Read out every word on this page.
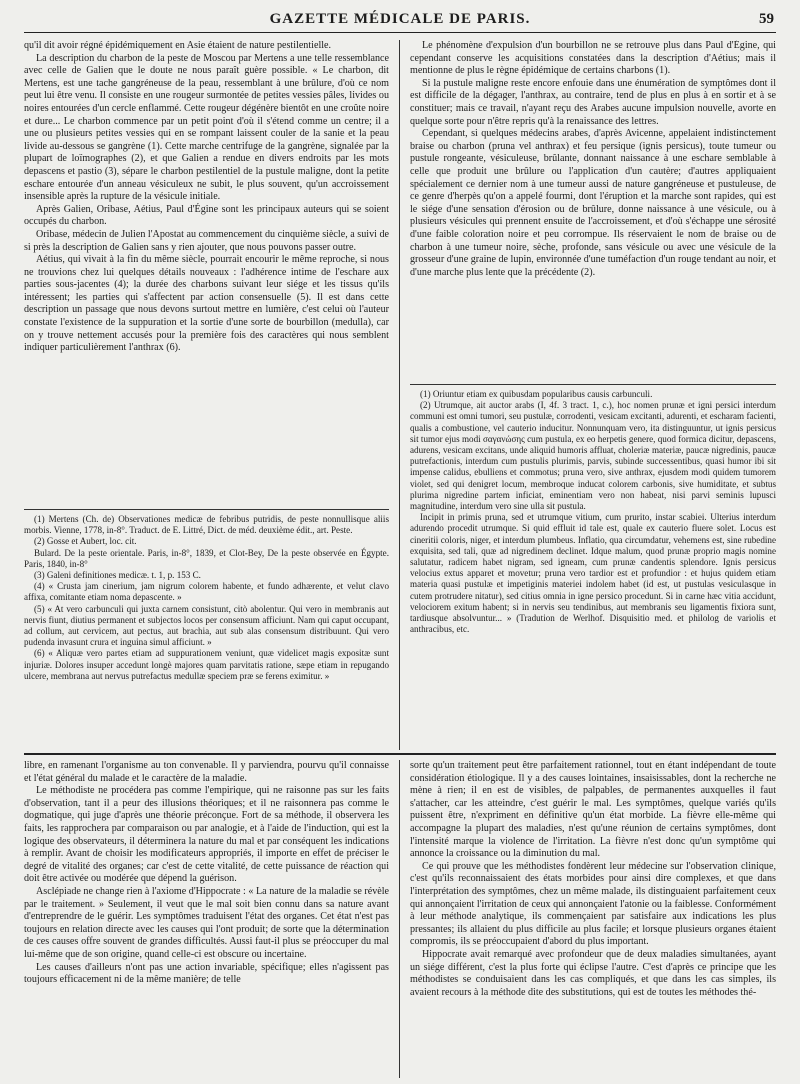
GAZETTE MÉDICALE DE PARIS.	59

qu'il dit avoir régné épidémiquement en Asie étaient de nature pestilentielle.

La description du charbon de la peste de Moscou par Mertens a une telle ressemblance avec celle de Galien que le doute ne nous paraît guère possible. « Le charbon, dit Mertens, est une tache gangréneuse de la peau, ressemblant à une brûlure, d'où ce nom peut lui être venu. Il consiste en une rougeur surmontée de petites vessies pâles, livides ou noires entourées d'un cercle enflammé. Cette rougeur dégénère bientôt en une croûte noire et dure... Le charbon commence par un petit point d'où il s'étend comme un centre; il a une ou plusieurs petites vessies qui en se rompant laissent couler de la sanie et la peau livide au-dessous se gangrène (1). Cette marche centrifuge de la gangrène, signalée par la plupart de loïmographes (2), et que Galien a rendue en divers endroits par les mots depascens et pastio (3), sépare le charbon pestilentiel de la pustule maligne, dont la petite eschare entourée d'un anneau vésiculeux ne subit, le plus souvent, qu'un accroissement insensible après la rupture de la vésicule initiale.

Après Galien, Oribase, Aétius, Paul d'Égine sont les principaux auteurs qui se soient occupés du charbon.

Oribase, médecin de Julien l'Apostat au commencement du cinquième siècle, a suivi de si près la description de Galien sans y rien ajouter, que nous pouvons passer outre.

Aétius, qui vivait à la fin du même siècle, pourrait encourir le même reproche, si nous ne trouvions chez lui quelques détails nouveaux : l'adhérence intime de l'eschare aux parties sous-jacentes (4); la durée des charbons suivant leur siége et les tissus qu'ils intéressent; les parties qui s'affectent par action consensuelle (5). Il est dans cette description un passage que nous devons surtout mettre en lumière, c'est celui où l'auteur constate l'existence de la suppuration et la sortie d'une sorte de bourbillon (medulla), car on y trouve nettement accusés pour la première fois des caractères qui nous semblent indiquer particulièrement l'anthrax (6).

(1) Mertens (Ch. de) Observationes medicæ de febribus putridis, de peste nonnullisque aliis morbis. Vienne, 1778, in-8°. Traduct. de E. Littré, Dict. de méd. deuxième édit., art. Peste.

(2) Gosse et Aubert, loc. cit.

Bulard. De la peste orientale. Paris, in-8°, 1839, et Clot-Bey, De la peste observée en Égypte. Paris, 1840, in-8°

(3) Galeni definitiones medicæ. t. 1, p. 153 C.

(4) « Crusta jam cinerium, jam nigrum colorem habente, et fundo adhærente, et velut clavo affixa, comitante etiam noma depascente. »

(5) « At vero carbunculi qui juxta carnem consistunt, citò abolentur. Qui vero in membranis aut nervis fiunt, diutius permanent et subjectos locos per consensum afficiunt. Nam qui caput occupant, ad collum, aut cervicem, aut pectus, aut brachia, aut sub alas consensum distribuunt. Qui vero pudenda invasunt crura et inguina simul afficiunt. »

(6) « Aliquæ vero partes etiam ad suppurationem veniunt, quæ videlicet magis expositæ sunt injuriæ. Dolores insuper accedunt longè majores quam parvitatis ratione, sæpe etiam in repugando ulcere, membrana aut nervus putrefactus medullæ speciem præ se ferens eximitur. »

Le phénomène d'expulsion d'un bourbillon ne se retrouve plus dans Paul d'Égine, qui cependant conserve les acquisitions constatées dans la description d'Aétius; mais il mentionne de plus le règne épidémique de certains charbons (1).

Si la pustule maligne reste encore enfouie dans une énumération de symptômes dont il est difficile de la dégager, l'anthrax, au contraire, tend de plus en plus à en sortir et à se constituer; mais ce travail, n'ayant reçu des Arabes aucune impulsion nouvelle, avorte en quelque sorte pour n'être repris qu'à la renaissance des lettres.

Cependant, si quelques médecins arabes, d'après Avicenne, appelaient indistinctement braise ou charbon (pruna vel anthrax) et feu persique (ignis persicus), toute tumeur ou pustule rongeante, vésiculeuse, brûlante, donnant naissance à une eschare semblable à celle que produit une brûlure ou l'application d'un cautère; d'autres appliquaient spécialement ce dernier nom à une tumeur aussi de nature gangréneuse et pustuleuse, de ce genre d'herpès qu'on a appelé fourmi, dont l'éruption et la marche sont rapides, qui est le siége d'une sensation d'érosion ou de brûlure, donne naissance à une vésicule, ou à plusieurs vésicules qui prennent ensuite de l'accroissement, et d'où s'échappe une sérosité d'une faible coloration noire et peu corrompue. Ils réservaient le nom de braise ou de charbon à une tumeur noire, sèche, profonde, sans vésicule ou avec une vésicule de la grosseur d'une graine de lupin, environnée d'une tuméfaction d'un rouge tendant au noir, et d'une marche plus lente que la précédente (2).

(1) Oriuntur etiam ex quibusdam popularibus causis carbunculi.

(2) Utrumque, ait auctor arabs (I, 4f. 3 tract. 1, c.), hoc nomen prunæ et igni persici interdum communi est omni tumori, seu pustulæ, corrodenti, vesicam excitanti, adurenti, et escharam facienti, qualis a combustione, vel cauterio inducitur. Nonnunquam vero, ita distinguuntur, ut ignis persicus sit tumor ejus modi σαγανώσης cum pustula, ex eo herpetis genere, quod formica dicitur, depascens, adurens, vesicam excitans, unde aliquid humoris affluat, choleriæ materiæ, paucæ nigredinis, paucæ putrefactionis, interdum cum pustulis plurimis, parvis, subinde successentibus, quasi humor ibi sit impense calidus, ebulliens et commotus; pruna vero, sive anthrax, ejusdem modi quidem tumorem violet, sed qui denigret locum, membroque inducat colorem carbonis, sive humiditate, et subtus plurima nigredine partem inficiat, eminentiam vero non habeat, nisi parvi seminis lupusci magnitudine, interdum vero sine ulla sit pustula.

Incipit in primis pruna, sed et utrumque vitium, cum prurito, instar scabiei. Ulterius interdum adurendo procedit utrumque. Si quid effluit id tale est, quale ex cauterio fluere solet. Locus est cineritii coloris, niger, et interdum plumbeus. Inflatio, qua circumdatur, vehemens est, sine rubedine exquisita, sed tali, quæ ad nigredinem declinet. Idque malum, quod prunæ proprio magis nomine salutatur, radicem habet nigram, sed igneam, cum prunæ candentis splendore. Ignis persicus velocius extus apparet et movetur; pruna vero tardior est et profundior : et hujus quidem etiam materia quasi pustulæ et impetiginis materiei indolem habet (id est, ut pustulas vesiculasque in cutem protrudere nitatur), sed citius omnia in igne persico procedunt. Si in carne hæc vitia accidunt, velociorem exitum habent; si in nervis seu tendinibus, aut membranis seu ligamentis fixiora sunt, tardiusque absolvuntur... » (Tradution de Werlhof. Disquisitio med. et philolog de variolis et anthracibus, etc.

libre, en ramenant l'organisme au ton convenable. Il y parviendra, pourvu qu'il connaisse et l'état général du malade et le caractère de la maladie.

Le méthodiste ne procédera pas comme l'empirique, qui ne raisonne pas sur les faits d'observation, tant il a peur des illusions théoriques; et il ne raisonnera pas comme le dogmatique, qui juge d'après une théorie préconçue. Fort de sa méthode, il observera les faits, les rapprochera par comparaison ou par analogie, et à l'aide de l'induction, qui est la logique des observateurs, il déterminera la nature du mal et par conséquent les indications à remplir. Avant de choisir les modificateurs appropriés, il importe en effet de préciser le degré de vitalité des organes; car c'est de cette vitalité, de cette puissance de réaction qui doit être activée ou modérée que dépend la guérison.

Asclépiade ne change rien à l'axiome d'Hippocrate : « La nature de la maladie se révèle par le traitement. » Seulement, il veut que le mal soit bien connu dans sa nature avant d'entreprendre de le guérir. Les symptômes traduisent l'état des organes. Cet état n'est pas toujours en relation directe avec les causes qui l'ont produit; de sorte que la détermination de ces causes offre souvent de grandes difficultés. Aussi faut-il plus se préoccuper du mal lui-même que de son origine, quand celle-ci est obscure ou incertaine.

Les causes d'ailleurs n'ont pas une action invariable, spécifique; elles n'agissent pas toujours efficacement ni de la même manière; de telle

sorte qu'un traitement peut être parfaitement rationnel, tout en étant indépendant de toute considération étiologique. Il y a des causes lointaines, insaisissables, dont la recherche ne mène à rien; il en est de visibles, de palpables, de permanentes auxquelles il faut s'attacher, car les atteindre, c'est guérir le mal. Les symptômes, quelque variés qu'ils puissent être, n'expriment en définitive qu'un état morbide. La fièvre elle-même qui accompagne la plupart des maladies, n'est qu'une réunion de certains symptômes, dont l'intensité marque la violence de l'irritation. La fièvre n'est donc qu'un symptôme qui annonce la croissance ou la diminution du mal.

Ce qui prouve que les méthodistes fondèrent leur médecine sur l'observation clinique, c'est qu'ils reconnaissaient des états morbides pour ainsi dire complexes, et que dans l'interprétation des symptômes, chez un même malade, ils distinguaient parfaitement ceux qui annonçaient l'irritation de ceux qui annonçaient l'atonie ou la faiblesse. Conformément à leur méthode analytique, ils commençaient par satisfaire aux indications les plus pressantes; ils allaient du plus difficile au plus facile; et lorsque plusieurs organes étaient compromis, ils se préoccupaient d'abord du plus important.

Hippocrate avait remarqué avec profondeur que de deux maladies simultanées, ayant un siége différent, c'est la plus forte qui éclipse l'autre. C'est d'après ce principe que les méthodistes se conduisaient dans les cas compliqués, et que dans les cas simples, ils avaient recours à la méthode dite des substitutions, qui est de toutes les méthodes thé-
